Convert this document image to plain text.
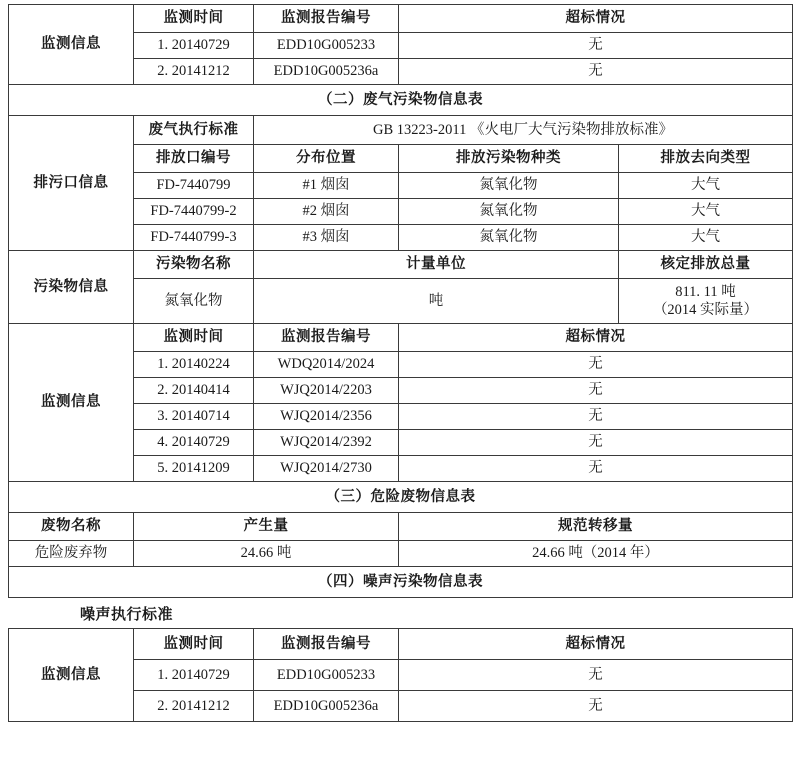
监测信息	监测时间	监测报告编号	超标情况	
	1. 20140729	EDD10G005233	无	
	2. 20141212	EDD10G005236a	无	
（二）废气污染物信息表				
排污口信息	废气执行标准	GB 13223-2011 《火电厂大气污染物排放标准》		
	排放口编号	分布位置	排放污染物种类	排放去向类型
	FD-7440799	#1 烟囱	氮氧化物	大气
	FD-7440799-2	#2 烟囱	氮氧化物	大气
	FD-7440799-3	#3 烟囱	氮氧化物	大气
污染物信息	污染物名称	计量单位		核定排放总量
	氮氧化物	吨		811. 11 吨
（2014 实际量）

监测信息	监测时间	监测报告编号	超标情况	
	1. 20140224	WDQ2014/2024	无	
	2. 20140414	WJQ2014/2203	无	
	3. 20140714	WJQ2014/2356	无	
	4. 20140729	WJQ2014/2392	无	
	5. 20141209	WJQ2014/2730	无	
（三）危险废物信息表				
废物名称	产生量		规范转移量	
危险废弃物	24.66 吨		24.66 吨（2014 年）	
（四）噪声污染物信息表				
噪声执行标准
监测信息	监测时间	监测报告编号	超标情况
	1. 20140729	EDD10G005233	无
	2. 20141212	EDD10G005236a	无
